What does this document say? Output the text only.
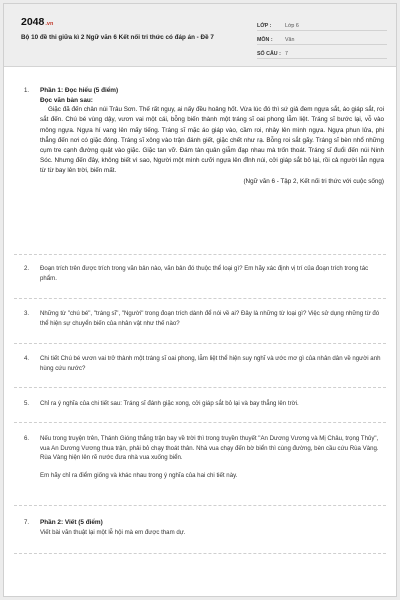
2048.vn
Bộ 10 đề thi giữa kì 2 Ngữ văn 6 Kết nối tri thức có đáp án - Đề 7
LỚP :	Lớp 6
MÔN :	Văn
SỐ CÂU : 7
1.	Phần 1: Đọc hiểu (5 điểm)
Đọc văn bản sau:
Giặc đã đến chân núi Trâu Sơn. Thế rất nguy, ai nấy đều hoảng hốt. Vừa lúc đó thì sứ giả đem ngựa sắt, áo giáp sắt, roi sắt đến. Chú bé vùng dậy, vươn vai một cái, bỗng biến thành một tráng sĩ oai phong lẫm liệt. Tráng sĩ bước lại, vỗ vào mông ngựa. Ngựa hí vang lên mấy tiếng. Tráng sĩ mặc áo giáp vào, cầm roi, nhảy lên mình ngựa. Ngựa phun lửa, phi thẳng đến nơi có giặc đóng. Tráng sĩ xông vào trận đánh giết, giặc chết như rạ. Bỗng roi sắt gãy. Tráng sĩ bèn nhổ những cụm tre cạnh đường quật vào giặc. Giặc tan vỡ. Đám tàn quân giẫm đạp nhau mà trốn thoát. Tráng sĩ đuổi đến núi Ninh Sóc. Nhưng đến đây, không biết vì sao, Người một mình cưỡi ngựa lên đỉnh núi, cởi giáp sắt bỏ lại, rồi cả người lẫn ngựa từ từ bay lên trời, biến mất.
(Ngữ văn 6 - Tập 2, Kết nối tri thức với cuộc sống)
2.	Đoạn trích trên được trích trong văn bản nào, văn bản đó thuộc thể loại gì? Em hãy xác định vị trí của đoạn trích trong tác phẩm.
3.	Những từ "chú bé", "tráng sĩ", "Người" trong đoạn trích dành để nói về ai? Đây là những từ loại gì? Việc sử dụng những từ đó thể hiện sự chuyển biến của nhân vật như thế nào?
4.	Chi tiết Chú bé vươn vai trở thành một tráng sĩ oai phong, lẫm liệt thể hiện suy nghĩ và ước mơ gì của nhân dân về người anh hùng cứu nước?
5.	Chỉ ra ý nghĩa của chi tiết sau: Tráng sĩ đánh giặc xong, cởi giáp sắt bỏ lại và bay thẳng lên trời.
6.	Nếu trong truyện trên, Thánh Gióng thắng trận bay về trời thì trong truyền thuyết "An Dương Vương và Mị Châu, trọng Thủy", vua An Dương Vương thua trận, phải bỏ chạy thoát thân. Nhà vua chạy đến bờ biển thì cùng đường, bèn cầu cứu Rùa Vàng. Rùa Vàng hiện lên rẽ nước đưa nhà vua xuống biển.
Em hãy chỉ ra điểm giống và khác nhau trong ý nghĩa của hai chi tiết này.
7.	Phần 2: Viết (5 điểm)
Viết bài văn thuật lại một lễ hội mà em được tham dự.
